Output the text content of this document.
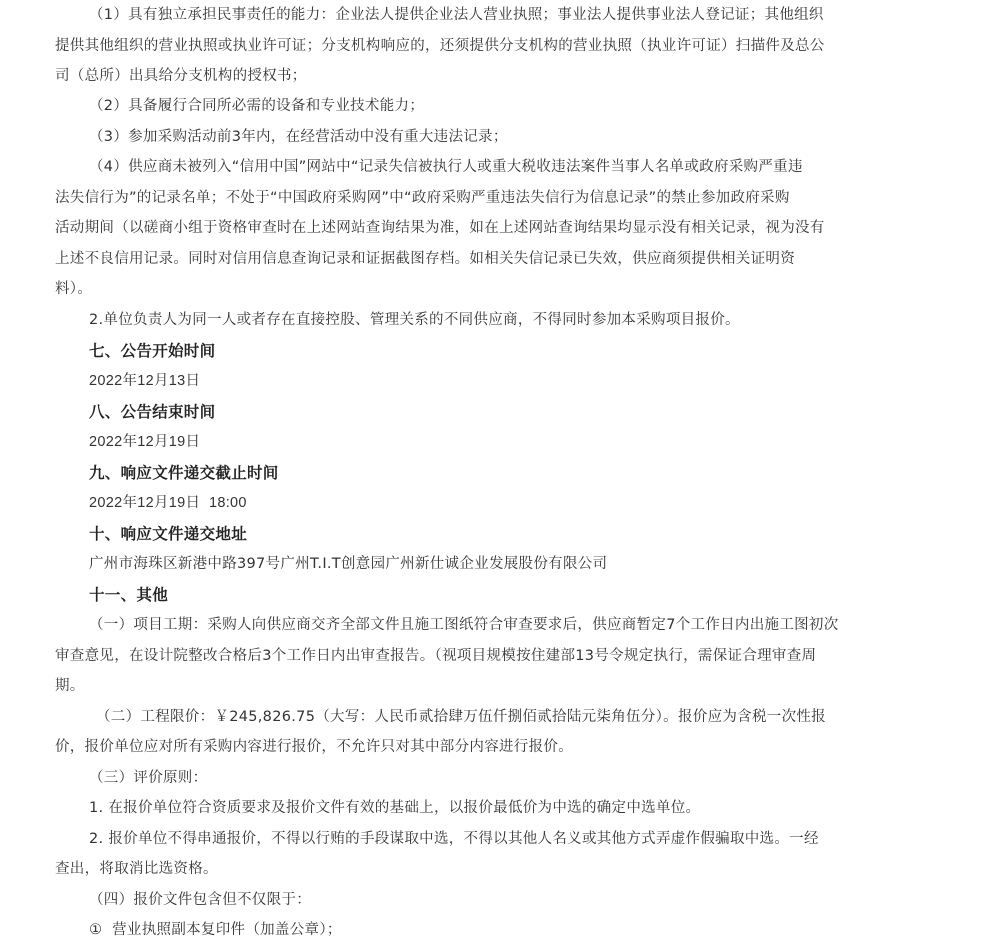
（1）具有独立承担民事责任的能力：企业法人提供企业法人营业执照；事业法人提供事业法人登记证；其他组织
提供其他组织的营业执照或执业许可证；分支机构响应的，还须提供分支机构的营业执照（执业许可证）扫描件及总公
司（总所）出具给分支机构的授权书；
（2）具备履行合同所必需的设备和专业技术能力；
（3）参加采购活动前3年内，在经营活动中没有重大违法记录；
（4）供应商未被列入“信用中国”网站中“记录失信被执行人或重大税收违法案件当事人名单或政府采购严重违
法失信行为”的记录名单；不处于“中国政府采购网”中“政府采购严重违法失信行为信息记录”的禁止参加政府采购
活动期间（以磋商小组于资格审查时在上述网站查询结果为准，如在上述网站查询结果均显示没有相关记录，视为没有
上述不良信用记录。同时对信用信息查询记录和证据截图存档。如相关失信记录已失效，供应商须提供相关证明资
料）。
2.单位负责人为同一人或者存在直接控股、管理关系的不同供应商，不得同时参加本采购项目报价。
七、公告开始时间
2022年12月13日
八、公告结束时间
2022年12月19日
九、响应文件递交截止时间
2022年12月19日  18:00
十、响应文件递交地址
广州市海珠区新港中路397号广州T.I.T创意园广州新仕诚企业发展股份有限公司
十一、其他
（一）项目工期：采购人向供应商交齐全部文件且施工图纸符合审查要求后，供应商暂定7个工作日内出施工图初次
审查意见，在设计院整改合格后3个工作日内出审查报告。（视项目规模按住建部13号令规定执行，需保证合理审查周
期。
（二）工程限价：￥245,826.75（大写：人民币贰拾肆万伍仟捌佰贰拾陆元柒角伍分）。报价应为含税一次性报
价，报价单位应对所有采购内容进行报价，不允许只对其中部分内容进行报价。
（三）评价原则：
1. 在报价单位符合资质要求及报价文件有效的基础上，以报价最低价为中选的确定中选单位。
2. 报价单位不得串通报价，不得以行贿的手段谋取中选，不得以其他人名义或其他方式弄虚作假骗取中选。一经
查出，将取消比选资格。
（四）报价文件包含但不仅限于：
①  营业执照副本复印件（加盖公章）；
